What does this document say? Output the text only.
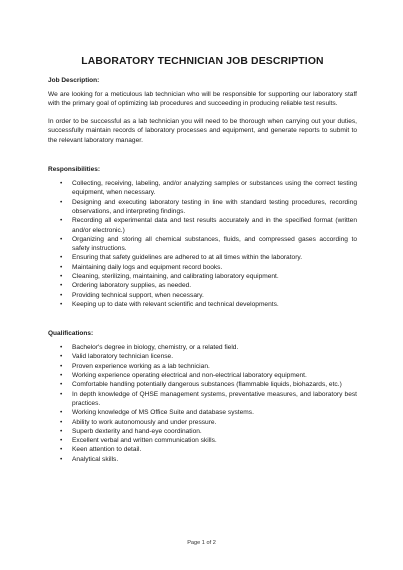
LABORATORY TECHNICIAN JOB DESCRIPTION
Job Description:

We are looking for a meticulous lab technician who will be responsible for supporting our laboratory staff with the primary goal of optimizing lab procedures and succeeding in producing reliable test results.

In order to be successful as a lab technician you will need to be thorough when carrying out your duties, successfully maintain records of laboratory processes and equipment, and generate reports to submit to the relevant laboratory manager.

Responsibilities:
• Collecting, receiving, labeling, and/or analyzing samples or substances using the correct testing equipment, when necessary.
• Designing and executing laboratory testing in line with standard testing procedures, recording observations, and interpreting findings.
• Recording all experimental data and test results accurately and in the specified format (written and/or electronic.)
• Organizing and storing all chemical substances, fluids, and compressed gases according to safety instructions.
• Ensuring that safety guidelines are adhered to at all times within the laboratory.
• Maintaining daily logs and equipment record books.
• Cleaning, sterilizing, maintaining, and calibrating laboratory equipment.
• Ordering laboratory supplies, as needed.
• Providing technical support, when necessary.
• Keeping up to date with relevant scientific and technical developments.
Qualifications:
• Bachelor's degree in biology, chemistry, or a related field.
• Valid laboratory technician license.
• Proven experience working as a lab technician.
• Working experience operating electrical and non-electrical laboratory equipment.
• Comfortable handling potentially dangerous substances (flammable liquids, biohazards, etc.)
• In depth knowledge of QHSE management systems, preventative measures, and laboratory best practices.
• Working knowledge of MS Office Suite and database systems.
• Ability to work autonomously and under pressure.
• Superb dexterity and hand-eye coordination.
• Excellent verbal and written communication skills.
• Keen attention to detail.
• Analytical skills.
Page 1 of 2
